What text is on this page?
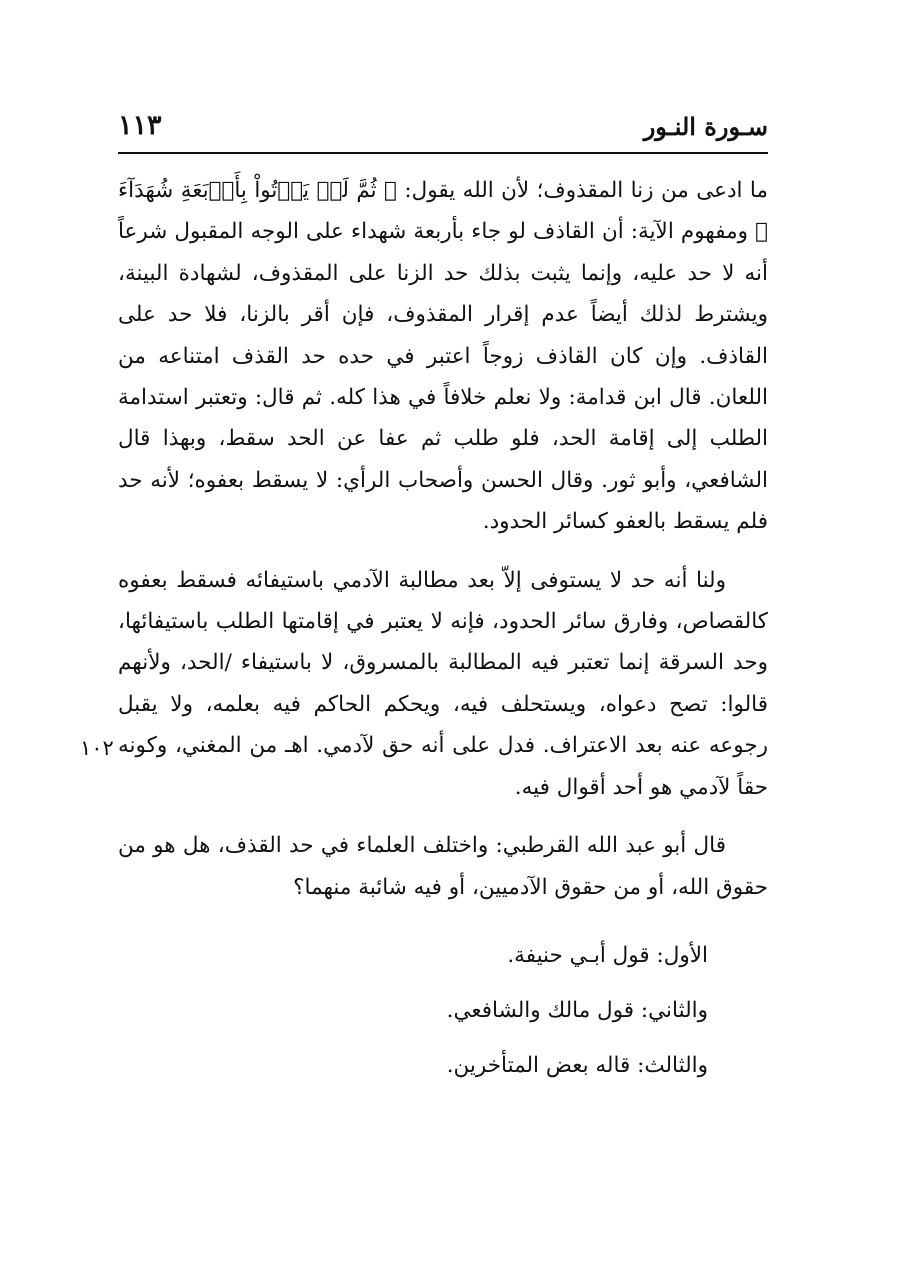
سـورة النـور
١١٣
١٠٢

ما ادعى من زنا المقذوف؛ لأن الله يقول: ﴿ ثُمَّ لَمۡ يَأۡتُواْ بِأَرۡبَعَةِ شُهَدَآءَ ﴾ ومفهوم الآية: أن القاذف لو جاء بأربعة شهداء على الوجه المقبول شرعاً أنه لا حد عليه، وإنما يثبت بذلك حد الزنا على المقذوف، لشهادة البينة، ويشترط لذلك أيضاً عدم إقرار المقذوف، فإن أقر بالزنا، فلا حد على القاذف. وإن كان القاذف زوجاً اعتبر في حده حد القذف امتناعه من اللعان. قال ابن قدامة: ولا نعلم خلافاً في هذا كله. ثم قال: وتعتبر استدامة الطلب إلى إقامة الحد، فلو طلب ثم عفا عن الحد سقط، وبهذا قال الشافعي، وأبو ثور. وقال الحسن وأصحاب الرأي: لا يسقط بعفوه؛ لأنه حد فلم يسقط بالعفو كسائر الحدود.

ولنا أنه حد لا يستوفى إلاّ بعد مطالبة الآدمي باستيفائه فسقط بعفوه كالقصاص، وفارق سائر الحدود، فإنه لا يعتبر في إقامتها الطلب باستيفائها، وحد السرقة إنما تعتبر فيه المطالبة بالمسروق، لا باستيفاء /الحد، ولأنهم قالوا: تصح دعواه، ويستحلف فيه، ويحكم الحاكم فيه بعلمه، ولا يقبل رجوعه عنه بعد الاعتراف. فدل على أنه حق لآدمي. اهـ من المغني، وكونه حقاً لآدمي هو أحد أقوال فيه.

قال أبو عبد الله القرطبي: واختلف العلماء في حد القذف، هل هو من حقوق الله، أو من حقوق الآدميين، أو فيه شائبة منهما؟

الأول: قول أبـي حنيفة.
والثاني: قول مالك والشافعي.
والثالث: قاله بعض المتأخرين.
